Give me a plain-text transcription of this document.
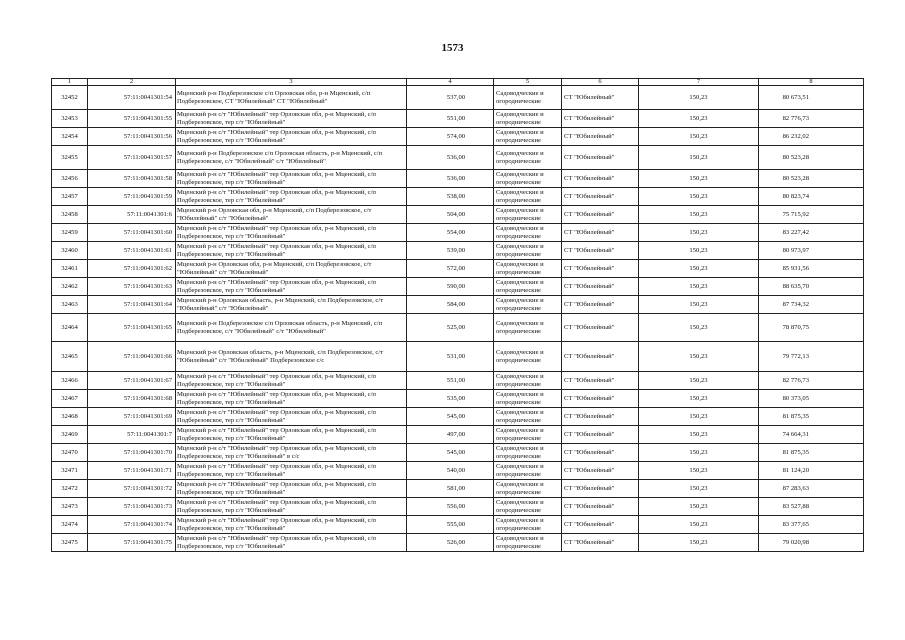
1573
1	2	3	4	5	6	7	8
32452	57:11:0041301:54	Мценский р-н Подберезовское с/п Орловская обл, р-н Мценский, с/п Подберезовское, СТ "Юбилейный" СТ "Юбилейный"	537,00	Садоводческие и огороднические	СТ "Юбилейный"	150,23	80 673,51
32453	57:11:0041301:55	Мценский р-н с/т "Юбилейный" тер Орловская обл, р-н Мценский, с/п Подберезовское, тер с/т "Юбилейный"	551,00	Садоводческие и огороднические	СТ "Юбилейный"	150,23	82 776,73
32454	57:11:0041301:56	Мценский р-н с/т "Юбилейный" тер Орловская обл, р-н Мценский, с/п Подберезовское, тер с/т "Юбилейный"	574,00	Садоводческие и огороднические	СТ "Юбилейный"	150,23	86 232,02
32455	57:11:0041301:57	Мценский р-н Подберезовское с/п Орловская область, р-н Мценский, с/п Подберезовское, с/т "Юбилейный" с/т "Юбилейный"	536,00	Садоводческие и огороднические	СТ "Юбилейный"	150,23	80 523,28
32456	57:11:0041301:58	Мценский р-н с/т "Юбилейный" тер Орловская обл, р-н Мценский, с/п Подберезовское, тер с/т "Юбилейный"	536,00	Садоводческие и огороднические	СТ "Юбилейный"	150,23	80 523,28
32457	57:11:0041301:59	Мценский р-н с/т "Юбилейный" тер Орловская обл, р-н Мценский, с/п Подберезовское, тер с/т "Юбилейный"	538,00	Садоводческие и огороднические	СТ "Юбилейный"	150,23	80 823,74
32458	57:11:0041301:6	Мценский р-н Орловская обл, р-н Мценский, с/п Подберезовское, с/т "Юбилейный" с/т "Юбилейный"	504,00	Садоводческие и огороднические	СТ "Юбилейный"	150,23	75 715,92
32459	57:11:0041301:60	Мценский р-н с/т "Юбилейный" тер Орловская обл, р-н Мценский, с/п Подберезовское, тер с/т "Юбилейный"	554,00	Садоводческие и огороднические	СТ "Юбилейный"	150,23	83 227,42
32460	57:11:0041301:61	Мценский р-н с/т "Юбилейный" тер Орловская обл, р-н Мценский, с/п Подберезовское, тер с/т "Юбилейный"	539,00	Садоводческие и огороднические	СТ "Юбилейный"	150,23	80 973,97
32461	57:11:0041301:62	Мценский р-н Орловская обл, р-н Мценский, с/п Подберезовское, с/т "Юбилейный" с/т "Юбилейный"	572,00	Садоводческие и огороднические	СТ "Юбилейный"	150,23	85 931,56
32462	57:11:0041301:63	Мценский р-н с/т "Юбилейный" тер Орловская обл, р-н Мценский, с/п Подберезовское, тер с/т "Юбилейный"	590,00	Садоводческие и огороднические	СТ "Юбилейный"	150,23	88 635,70
32463	57:11:0041301:64	Мценский р-н Орловская область, р-н Мценский, с/п Подберезовское, с/т "Юбилейный" с/т "Юбилейный"	584,00	Садоводческие и огороднические	СТ "Юбилейный"	150,23	87 734,32
32464	57:11:0041301:65	Мценский р-н Подберезовское с/п Орловская область, р-н Мценский, с/п Подберезовское, с/т "Юбилейный" с/т "Юбилейный"	525,00	Садоводческие и огороднические	СТ "Юбилейный"	150,23	78 870,75
32465	57:11:0041301:66	Мценский р-н Орловская область, р-н Мценский, с/п Подберезовское, с/т "Юбилейный" с/т "Юбилейный" Подберезовское с/с	531,00	Садоводческие и огороднические	СТ "Юбилейный"	150,23	79 772,13
32466	57:11:0041301:67	Мценский р-н с/т "Юбилейный" тер Орловская обл, р-н Мценский, с/п Подберезовское, тер с/т "Юбилейный"	551,00	Садоводческие и огороднические	СТ "Юбилейный"	150,23	82 776,73
32467	57:11:0041301:68	Мценский р-н с/т "Юбилейный" тер Орловская обл, р-н Мценский, с/п Подберезовское, тер с/т "Юбилейный"	535,00	Садоводческие и огороднические	СТ "Юбилейный"	150,23	80 373,05
32468	57:11:0041301:69	Мценский р-н с/т "Юбилейный" тер Орловская обл, р-н Мценский, с/п Подберезовское, тер с/т "Юбилейный"	545,00	Садоводческие и огороднические	СТ "Юбилейный"	150,23	81 875,35
32469	57:11:0041301:7	Мценский р-н с/т "Юбилейный" тер Орловская обл, р-н Мценский, с/п Подберезовское, тер с/т "Юбилейный"	497,00	Садоводческие и огороднические	СТ "Юбилейный"	150,23	74 664,31
32470	57:11:0041301:70	Мценский р-н с/т "Юбилейный" тер Орловская обл, р-н Мценский, с/п Подберезовское, тер с/т "Юбилейный" в с/с	545,00	Садоводческие и огороднические	СТ "Юбилейный"	150,23	81 875,35
32471	57:11:0041301:71	Мценский р-н с/т "Юбилейный" тер Орловская обл, р-н Мценский, с/п Подберезовское, тер с/т "Юбилейный"	540,00	Садоводческие и огороднические	СТ "Юбилейный"	150,23	81 124,20
32472	57:11:0041301:72	Мценский р-н с/т "Юбилейный" тер Орловская обл, р-н Мценский, с/п Подберезовское, тер с/т "Юбилейный"	581,00	Садоводческие и огороднические	СТ "Юбилейный"	150,23	87 283,63
32473	57:11:0041301:73	Мценский р-н с/т "Юбилейный" тер Орловская обл, р-н Мценский, с/п Подберезовское, тер с/т "Юбилейный"	556,00	Садоводческие и огороднические	СТ "Юбилейный"	150,23	83 527,88
32474	57:11:0041301:74	Мценский р-н с/т "Юбилейный" тер Орловская обл, р-н Мценский, с/п Подберезовское, тер с/т "Юбилейный"	555,00	Садоводческие и огороднические	СТ "Юбилейный"	150,23	83 377,65
32475	57:11:0041301:75	Мценский р-н с/т "Юбилейный" тер Орловская обл, р-н Мценский, с/п Подберезовское, тер с/т "Юбилейный"	526,00	Садоводческие и огороднические	СТ "Юбилейный"	150,23	79 020,98
